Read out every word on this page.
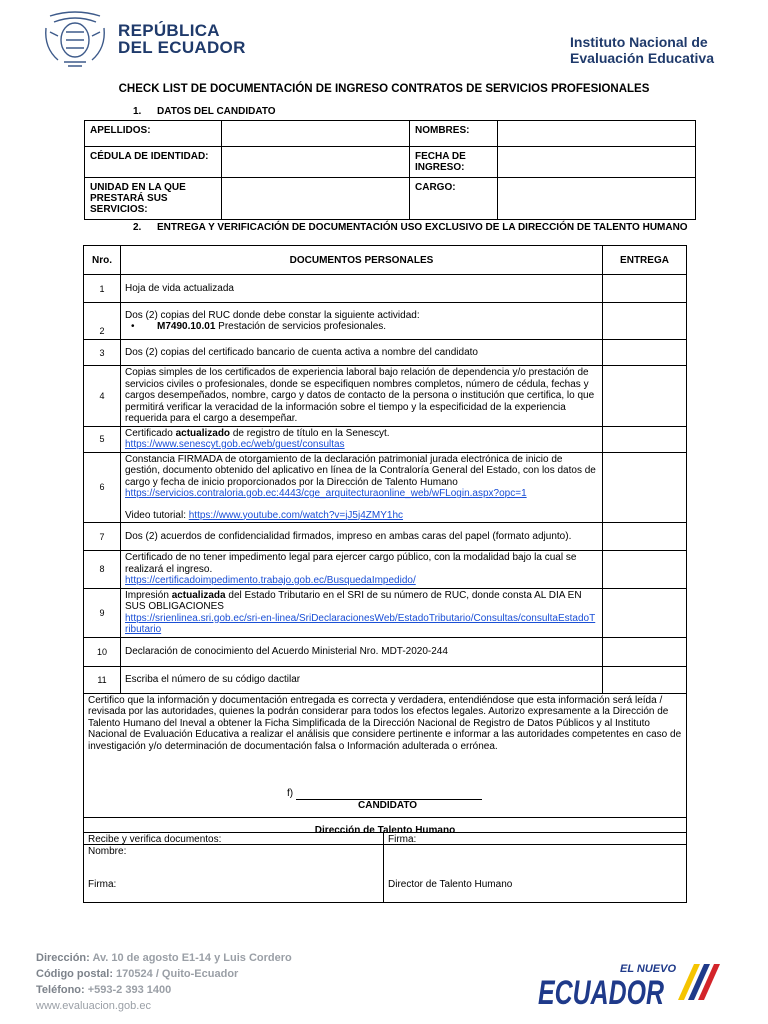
REPÚBLICA
DEL ECUADOR	Instituto Nacional de
Evaluación Educativa
CHECK LIST DE DOCUMENTACIÓN DE INGRESO CONTRATOS DE SERVICIOS PROFESIONALES
1. DATOS DEL CANDIDATO
APELLIDOS:		NOMBRES:	
CÉDULA DE IDENTIDAD:		FECHA DE INGRESO:	
UNIDAD EN LA QUE PRESTARÁ SUS SERVICIOS:		CARGO:	
2. ENTREGA Y VERIFICACIÓN DE DOCUMENTACIÓN USO EXCLUSIVO DE LA DIRECCIÓN DE TALENTO HUMANO
Nro.	DOCUMENTOS PERSONALES	ENTREGA
1	Hoja de vida actualizada	
2	Dos (2) copias del RUC donde debe constar la siguiente actividad:
• M7490.10.01 Prestación de servicios profesionales.	

3	Dos (2) copias del certificado bancario de cuenta activa a nombre del candidato	
4	Copias simples de los certificados de experiencia laboral bajo relación de dependencia y/o prestación de servicios civiles o profesionales, donde se especifiquen nombres completos, número de cédula, fechas y cargos desempeñados, nombre, cargo y datos de contacto de la persona o institución que certifica, lo que permitirá verificar la veracidad de la información sobre el tiempo y la especificidad de la experiencia requerida para el cargo a desempeñar.	
5	Certificado actualizado de registro de título en la Senescyt.
https://www.senescyt.gob.ec/web/guest/consultas	
6	Constancia FIRMADA de otorgamiento de la declaración patrimonial jurada electrónica de inicio de gestión, documento obtenido del aplicativo en línea de la Contraloría General del Estado, con los datos de cargo y fecha de inicio proporcionados por la Dirección de Talento Humano
https://servicios.contraloria.gob.ec:4443/cge_arquitecturaonline_web/wFLogin.aspx?opc=1
Video tutorial: https://www.youtube.com/watch?v=jJ5j4ZMY1hc	

7	Dos (2) acuerdos de confidencialidad firmados, impreso en ambas caras del papel (formato adjunto).	
8	Certificado de no tener impedimento legal para ejercer cargo público, con la modalidad bajo la cual se realizará el ingreso.
https://certificadoimpedimento.trabajo.gob.ec/BusquedaImpedido/	
9	Impresión actualizada del Estado Tributario en el SRI de su número de RUC, donde consta AL DIA EN SUS OBLIGACIONES
https://srienlinea.sri.gob.ec/sri-en-linea/SriDeclaracionesWeb/EstadoTributario/Consultas/consultaEstadoTributario	
10	Declaración de conocimiento del Acuerdo Ministerial Nro. MDT-2020-244	
11	Escriba el número de su código dactilar	

Certifico que la información y documentación entregada es correcta y verdadera, entendiéndose que esta información será leída / revisada por las autoridades, quienes la podrán considerar para todos los efectos legales. Autorizo expresamente a la Dirección de Talento Humano del Ineval a obtener la Ficha Simplificada de la Dirección Nacional de Registro de Datos Públicos y al Instituto Nacional de Evaluación Educativa a realizar el análisis que considere pertinente e informar a las autoridades competentes en caso de investigación y/o determinación de documentación falsa o Información adulterada o errónea.
f)
CANDIDATO		

Dirección de Talento Humano		
Recibe y verifica documentos:
Nombre:
Firma:

Firma:
Director de Talento Humano
Dirección: Av. 10 de agosto E1-14 y Luis Cordero
Código postal: 170524 / Quito-Ecuador
Teléfono: +593-2 393 1400
www.evaluacion.gob.ec
EL NUEVO
ECUADOR
